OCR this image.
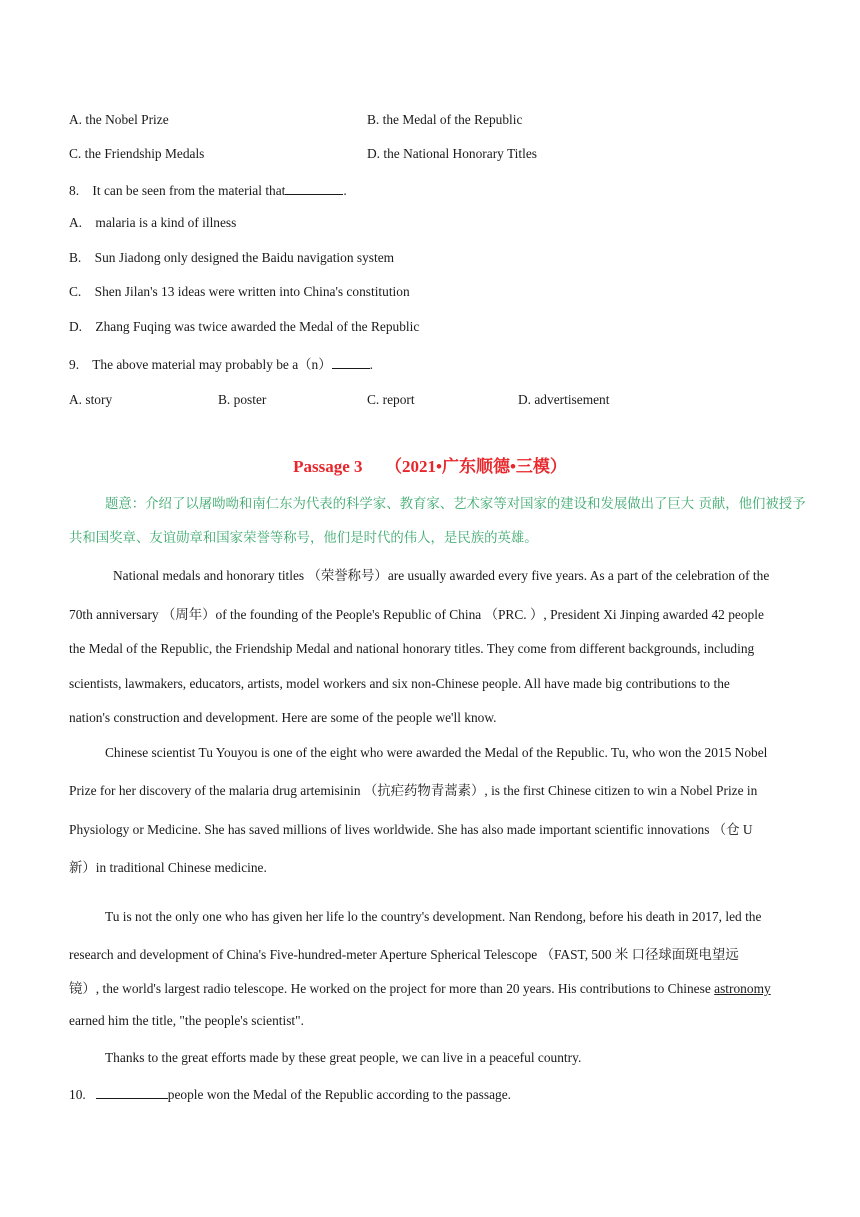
A. the Nobel Prize	B. the Medal of the Republic
C. the Friendship Medals	D. the National Honorary Titles
8.    It can be seen from the material that	.
A.    malaria is a kind of illness
B.    Sun Jiadong only designed the Baidu navigation system
C.    Shen Jilan's 13 ideas were written into China's constitution
D.    Zhang Fuqing was twice awarded the Medal of the Republic
9.    The above material may probably be a（n）	.
A. story	B. poster	C. report	D. advertisement
Passage 3 （2021•广东顺德•三模）
题意：介绍了以屠呦呦和南仁东为代表的科学家、教育家、艺术家等对国家的建设和发展做出了巨大 贡献，他们被授予共和国奖章、友谊勋章和国家荣誉等称号，他们是时代的伟人，是民族的英雄。
National medals and honorary titles （荣誉称号）are usually awarded every five years. As a part of the celebration of the
70th anniversary （周年）of the founding of the People's Republic of China （PRC. ）, President Xi Jinping awarded 42 people
the Medal of the Republic, the Friendship Medal and national honorary titles. They come from different backgrounds, including
scientists, lawmakers, educators, artists, model workers and six non-Chinese people. All have made big contributions to the
nation's construction and development. Here are some of the people we'll know.
Chinese scientist Tu Youyou is one of the eight who were awarded the Medal of the Republic. Tu, who won the 2015 Nobel
Prize for her discovery of the malaria drug artemisinin （抗疟药物青蒿素）, is the first Chinese citizen to win a Nobel Prize in
Physiology or Medicine. She has saved millions of lives worldwide. She has also made important scientific innovations （仓 U
新）in traditional Chinese medicine.
Tu is not the only one who has given her life lo the country's development. Nan Rendong, before his death in 2017, led the
research and development of China's Five-hundred-meter Aperture Spherical Telescope （FAST, 500 米 口径球面斑电望远
镜）, the world's largest radio telescope. He worked on the project for more than 20 years. His contributions to Chinese astronomy
earned him the title, "the people's scientist".
Thanks to the great efforts made by these great people, we can live in a peaceful country.
10.	people won the Medal of the Republic according to the passage.
